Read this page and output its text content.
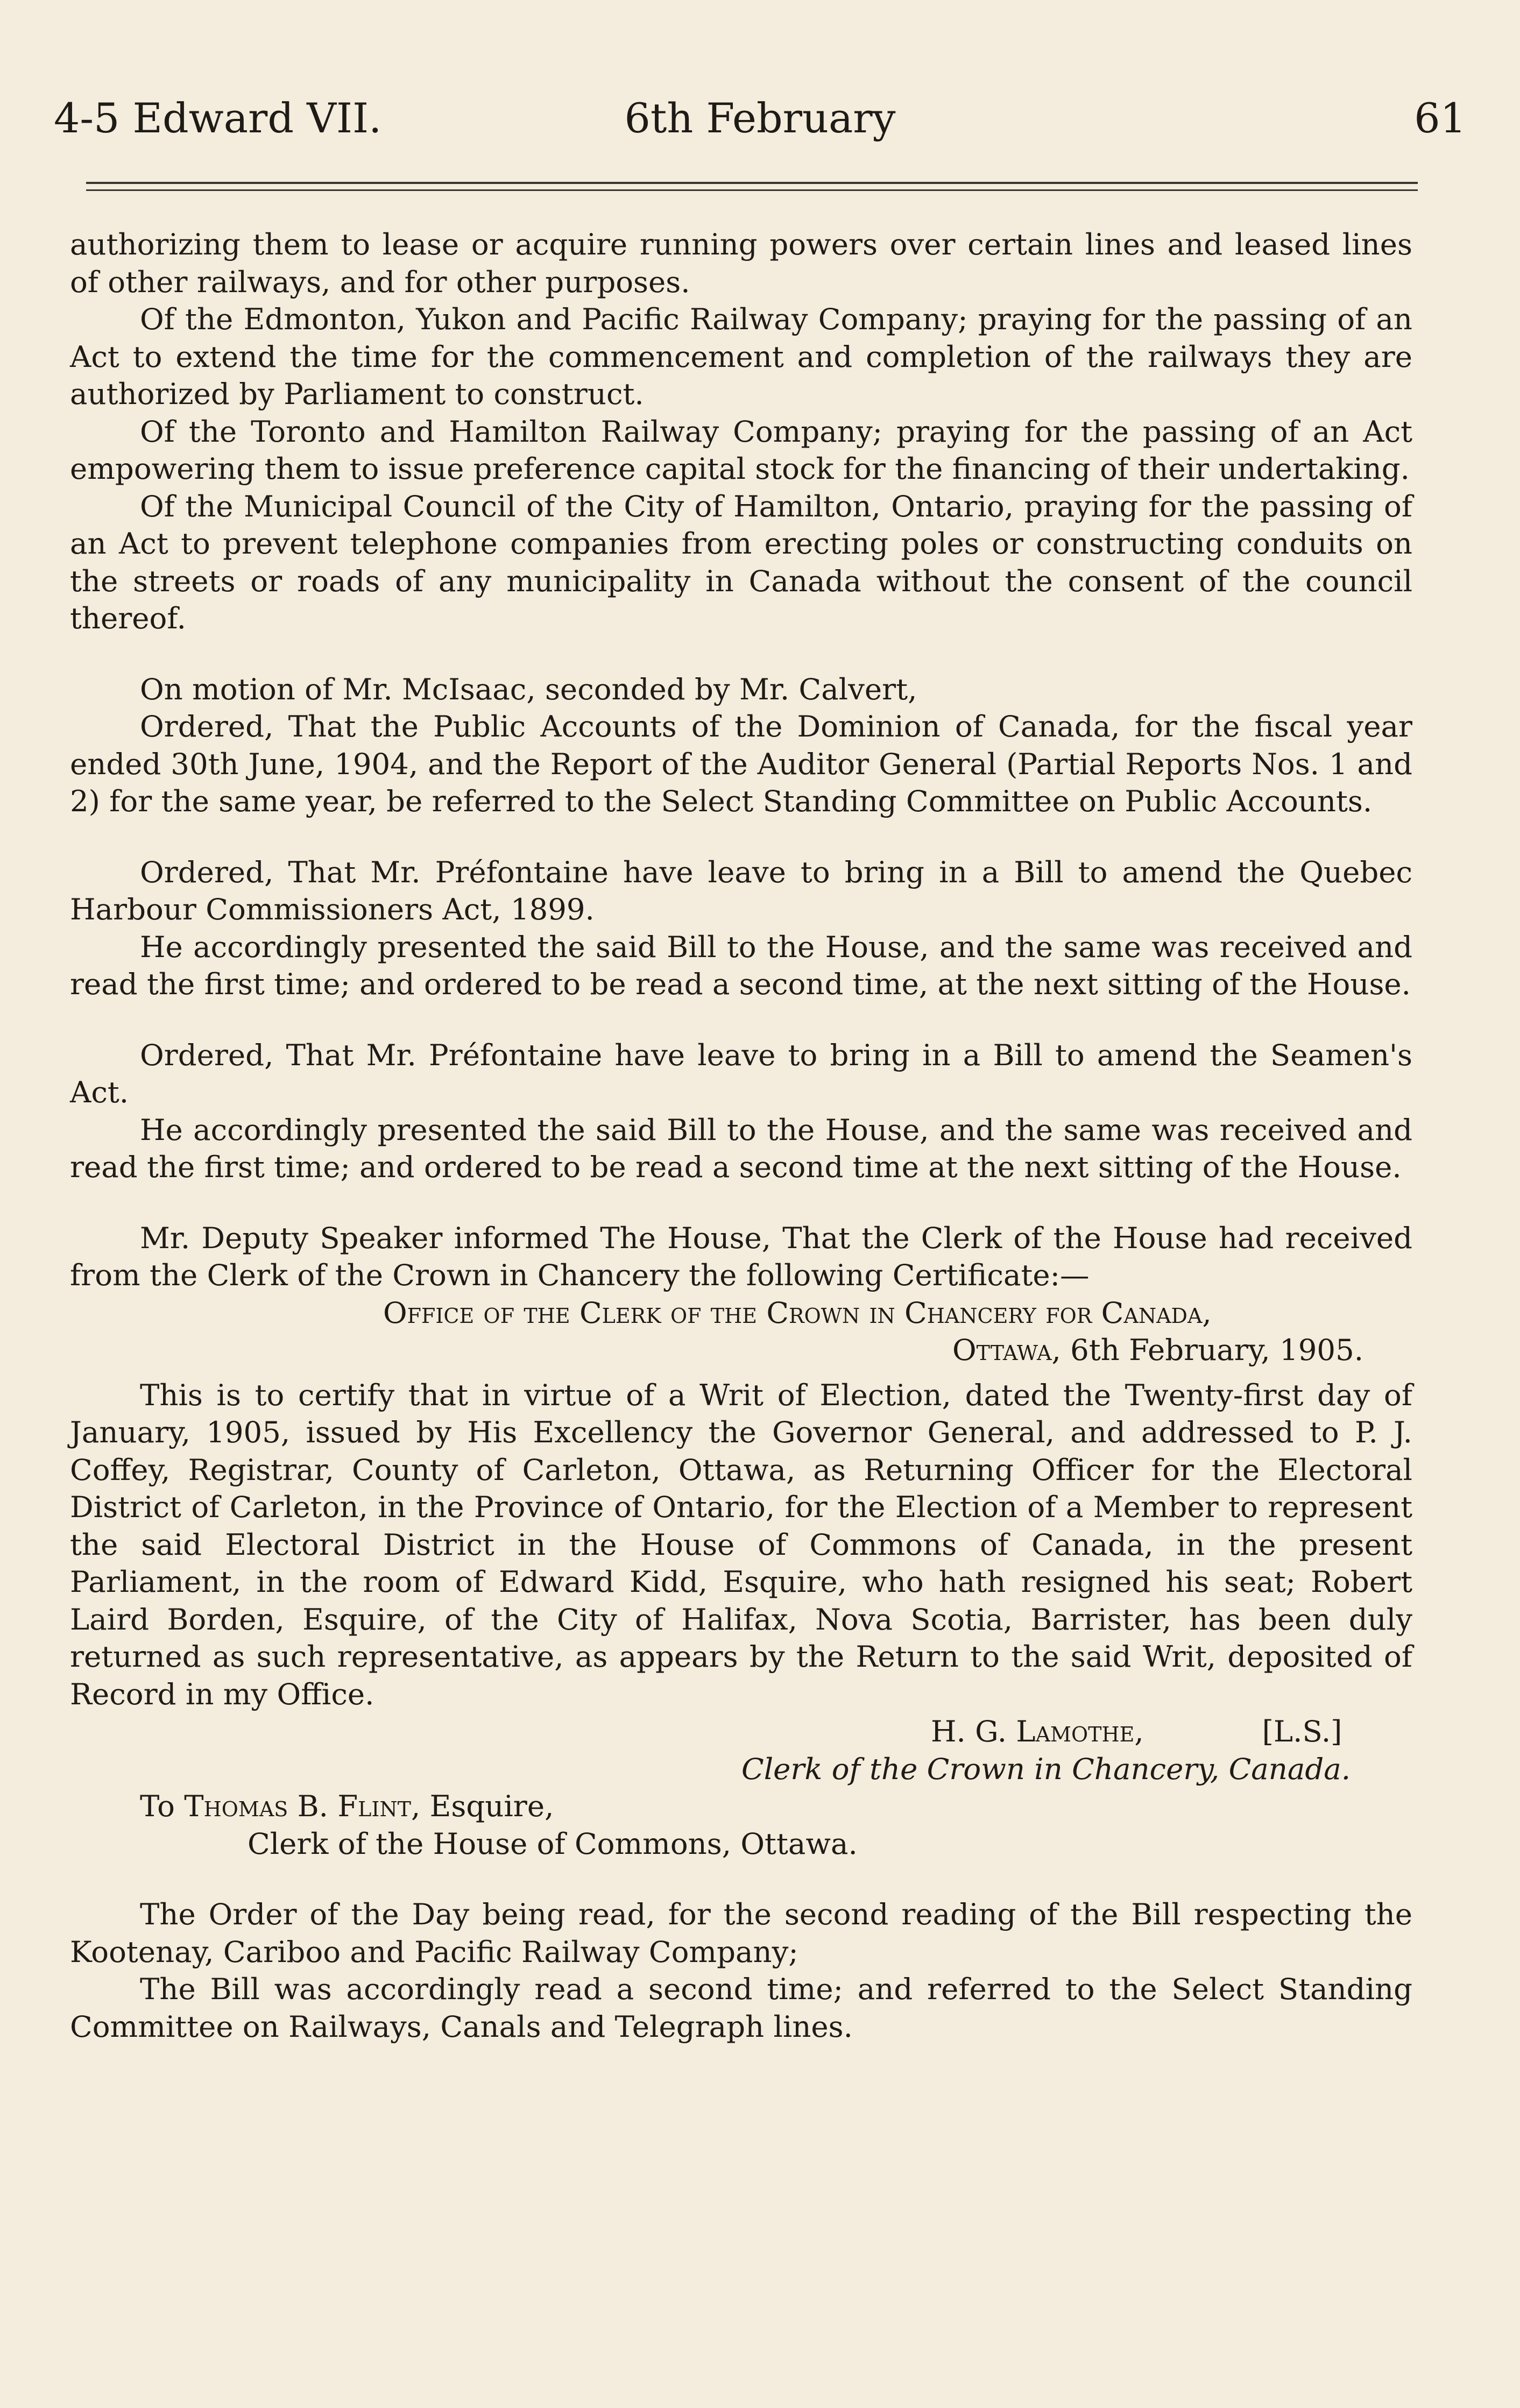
4-5 Edward VII.	6th February	61

authorizing them to lease or acquire running powers over certain lines and leased lines of other railways, and for other purposes.

Of the Edmonton, Yukon and Pacific Railway Company; praying for the passing of an Act to extend the time for the commencement and completion of the railways they are authorized by Parliament to construct.

Of the Toronto and Hamilton Railway Company; praying for the passing of an Act empowering them to issue preference capital stock for the financing of their undertaking.

Of the Municipal Council of the City of Hamilton, Ontario, praying for the passing of an Act to prevent telephone companies from erecting poles or constructing conduits on the streets or roads of any municipality in Canada without the consent of the council thereof.

On motion of Mr. McIsaac, seconded by Mr. Calvert,

Ordered, That the Public Accounts of the Dominion of Canada, for the fiscal year ended 30th June, 1904, and the Report of the Auditor General (Partial Reports Nos. 1 and 2) for the same year, be referred to the Select Standing Committee on Public Accounts.

Ordered, That Mr. Préfontaine have leave to bring in a Bill to amend the Quebec Harbour Commissioners Act, 1899.

He accordingly presented the said Bill to the House, and the same was received and read the first time; and ordered to be read a second time, at the next sitting of the House.

Ordered, That Mr. Préfontaine have leave to bring in a Bill to amend the Seamen's Act.

He accordingly presented the said Bill to the House, and the same was received and read the first time; and ordered to be read a second time at the next sitting of the House.

Mr. Deputy Speaker informed The House, That the Clerk of the House had received from the Clerk of the Crown in Chancery the following Certificate:—

Office of the Clerk of the Crown in Chancery for Canada,

Ottawa, 6th February, 1905.

This is to certify that in virtue of a Writ of Election, dated the Twenty-first day of January, 1905, issued by His Excellency the Governor General, and addressed to P. J. Coffey, Registrar, County of Carleton, Ottawa, as Returning Officer for the Electoral District of Carleton, in the Province of Ontario, for the Election of a Member to represent the said Electoral District in the House of Commons of Canada, in the present Parliament, in the room of Edward Kidd, Esquire, who hath resigned his seat; Robert Laird Borden, Esquire, of the City of Halifax, Nova Scotia, Barrister, has been duly returned as such representative, as appears by the Return to the said Writ, deposited of Record in my Office.

H. G. Lamothe,	[L.S.]

Clerk of the Crown in Chancery, Canada.

To Thomas B. Flint, Esquire,

Clerk of the House of Commons, Ottawa.

The Order of the Day being read, for the second reading of the Bill respecting the Kootenay, Cariboo and Pacific Railway Company;

The Bill was accordingly read a second time; and referred to the Select Standing Committee on Railways, Canals and Telegraph lines.
